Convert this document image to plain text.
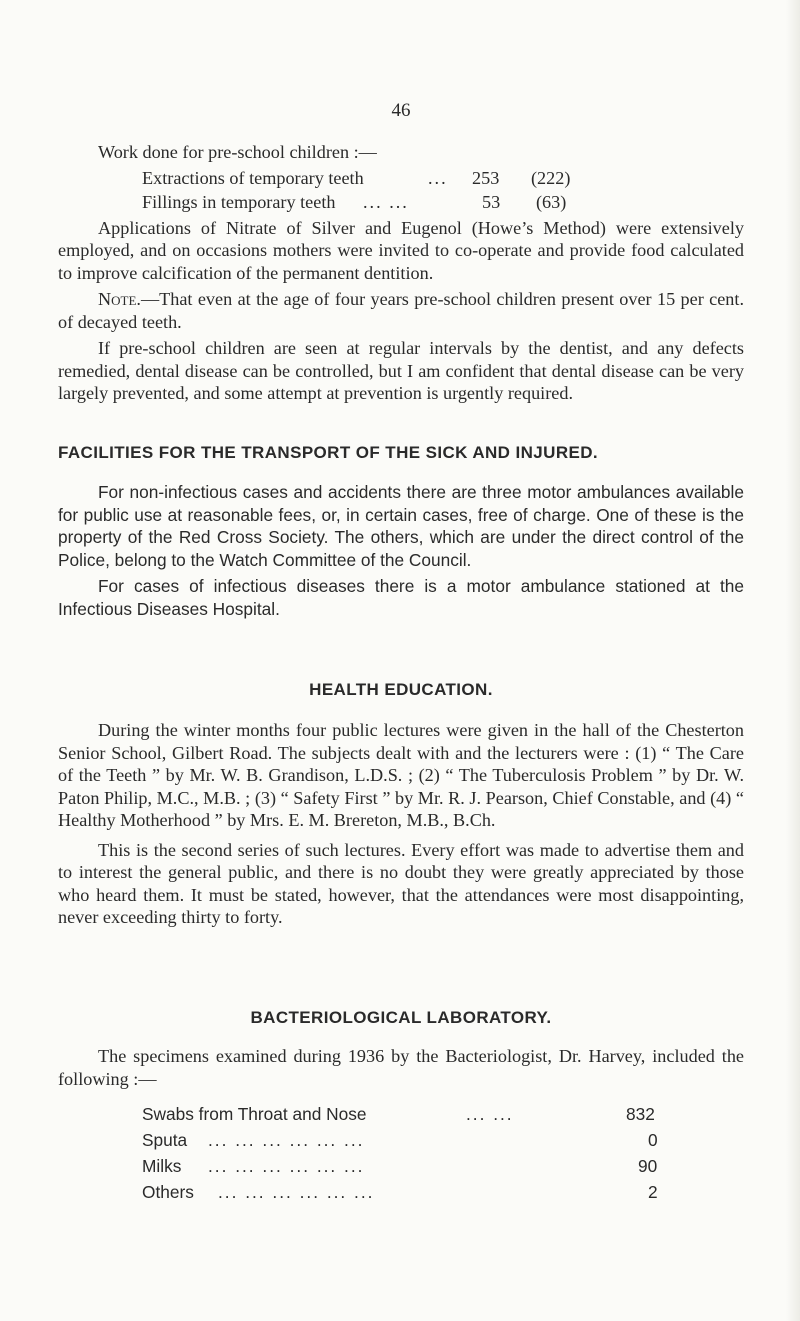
46

Work done for pre-school children :—

Extractions of temporary teeth	... 253 (222)
Fillings in temporary teeth ... ...	53 (63)

Applications of Nitrate of Silver and Eugenol (Howe’s Method) were extensively employed, and on occasions mothers were invited to co-operate and provide food calculated to improve calcification of the permanent dentition.

Note.—That even at the age of four years pre-school children present over 15 per cent. of decayed teeth.

If pre-school children are seen at regular intervals by the dentist, and any defects remedied, dental disease can be controlled, but I am confident that dental disease can be very largely prevented, and some attempt at prevention is urgently required.

FACILITIES FOR THE TRANSPORT OF THE SICK AND INJURED.

For non-infectious cases and accidents there are three motor ambulances available for public use at reasonable fees, or, in certain cases, free of charge. One of these is the property of the Red Cross Society. The others, which are under the direct control of the Police, belong to the Watch Committee of the Council.

For cases of infectious diseases there is a motor ambulance stationed at the Infectious Diseases Hospital.

HEALTH EDUCATION.

During the winter months four public lectures were given in the hall of the Chesterton Senior School, Gilbert Road. The subjects dealt with and the lecturers were : (1) “ The Care of the Teeth ” by Mr. W. B. Grandison, L.D.S. ; (2) “ The Tuberculosis Problem ” by Dr. W. Paton Philip, M.C., M.B. ; (3) “ Safety First ” by Mr. R. J. Pearson, Chief Constable, and (4) “ Healthy Motherhood ” by Mrs. E. M. Brereton, M.B., B.Ch.

This is the second series of such lectures. Every effort was made to advertise them and to interest the general public, and there is no doubt they were greatly appreciated by those who heard them. It must be stated, however, that the attendances were most disappointing, never exceeding thirty to forty.

BACTERIOLOGICAL LABORATORY.

The specimens examined during 1936 by the Bacteriologist, Dr. Harvey, included the following :—

Swabs from Throat and Nose	... ...	832
Sputa ... ... ... ... ... ...	0
Milks ... ... ... ... ... ...	90
Others ... ... ... ... ... ...	2
